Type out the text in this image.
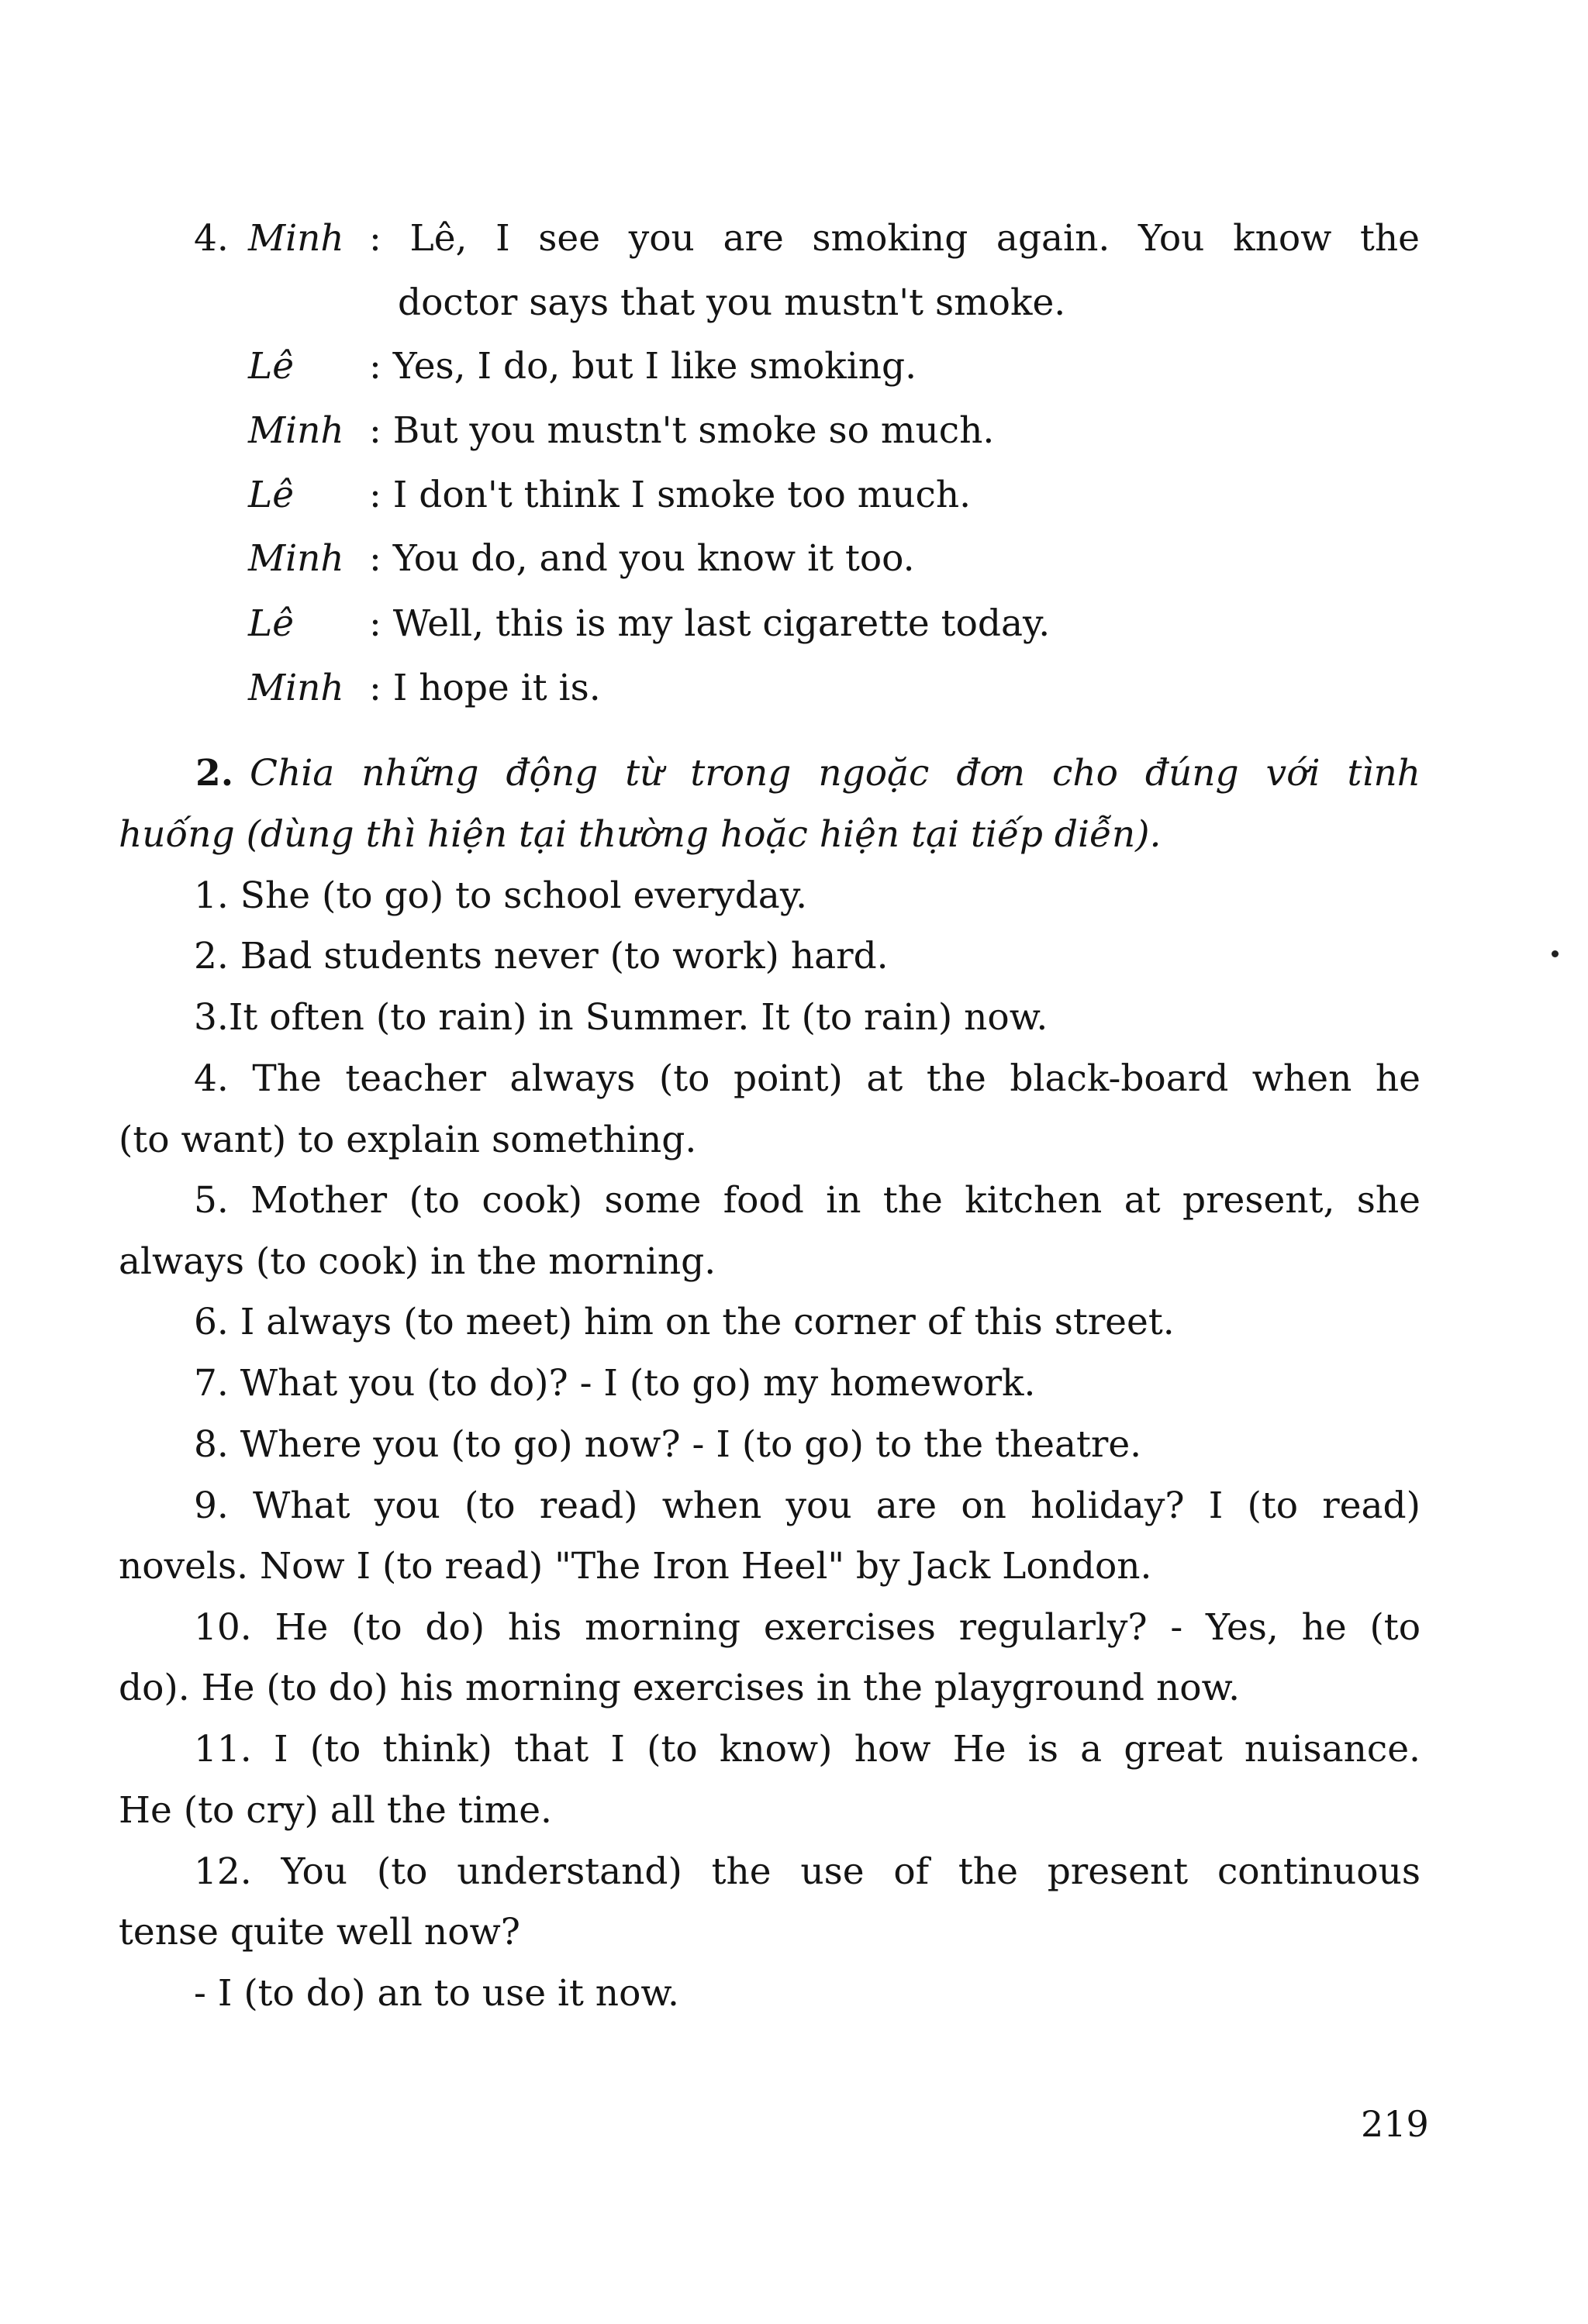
4. Minh : Lê, I see you are smoking again. You know the
doctor says that you mustn't smoke.
Lê : Yes, I do, but I like smoking.
Minh : But you mustn't smoke so much.
Lê : I don't think I smoke too much.
Minh : You do, and you know it too.
Lê : Well, this is my last cigarette today.
Minh : I hope it is.
2. Chia những động từ trong ngoặc đơn cho đúng với tình
huống (dùng thì hiện tại thường hoặc hiện tại tiếp diễn).
1. She (to go) to school everyday.
2. Bad students never (to work) hard.
3.It often (to rain) in Summer. It (to rain) now.
4. The teacher always (to point) at the black-board when he
(to want) to explain something.
5. Mother (to cook) some food in the kitchen at present, she
always (to cook) in the morning.
6. I always (to meet) him on the corner of this street.
7. What you (to do)? - I (to go) my homework.
8. Where you (to go) now? - I (to go) to the theatre.
9. What you (to read) when you are on holiday? I (to read)
novels. Now I (to read) "The Iron Heel" by Jack London.
10. He (to do) his morning exercises regularly? - Yes, he (to
do). He (to do) his morning exercises in the playground now.
11. I (to think) that I (to know) how He is a great nuisance.
He (to cry) all the time.
12. You (to understand) the use of the present continuous
tense quite well now?
- I (to do) an to use it now.
219
